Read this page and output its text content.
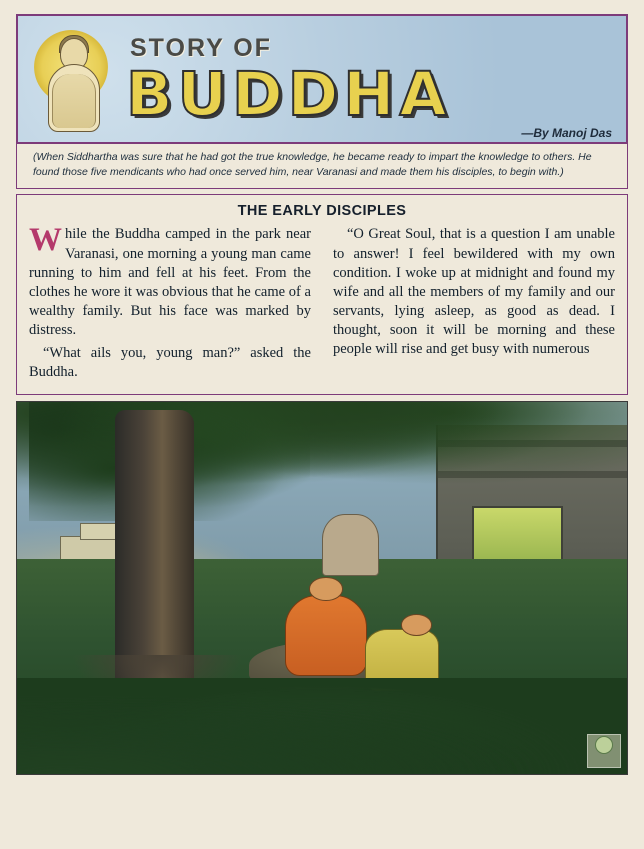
STORY OF
BUDDHA
—By Manoj Das
(When Siddhartha was sure that he had got the true knowledge, he became ready to impart the knowledge to others. He found those five mendicants who had once served him, near Varanasi and made them his disciples, to begin with.)
THE EARLY DISCIPLES

While the Buddha camped in the park near Varanasi, one morning a young man came running to him and fell at his feet. From the clothes he wore it was obvious that he came of a wealthy family. But his face was marked by distress.

“What ails you, young man?” asked the Buddha.

“O Great Soul, that is a question I am unable to answer! I feel bewildered with my own condition. I woke up at midnight and found my wife and all the members of my family and our servants, lying asleep, as good as dead. I thought, soon it will be morning and these people will rise and get busy with numerous
